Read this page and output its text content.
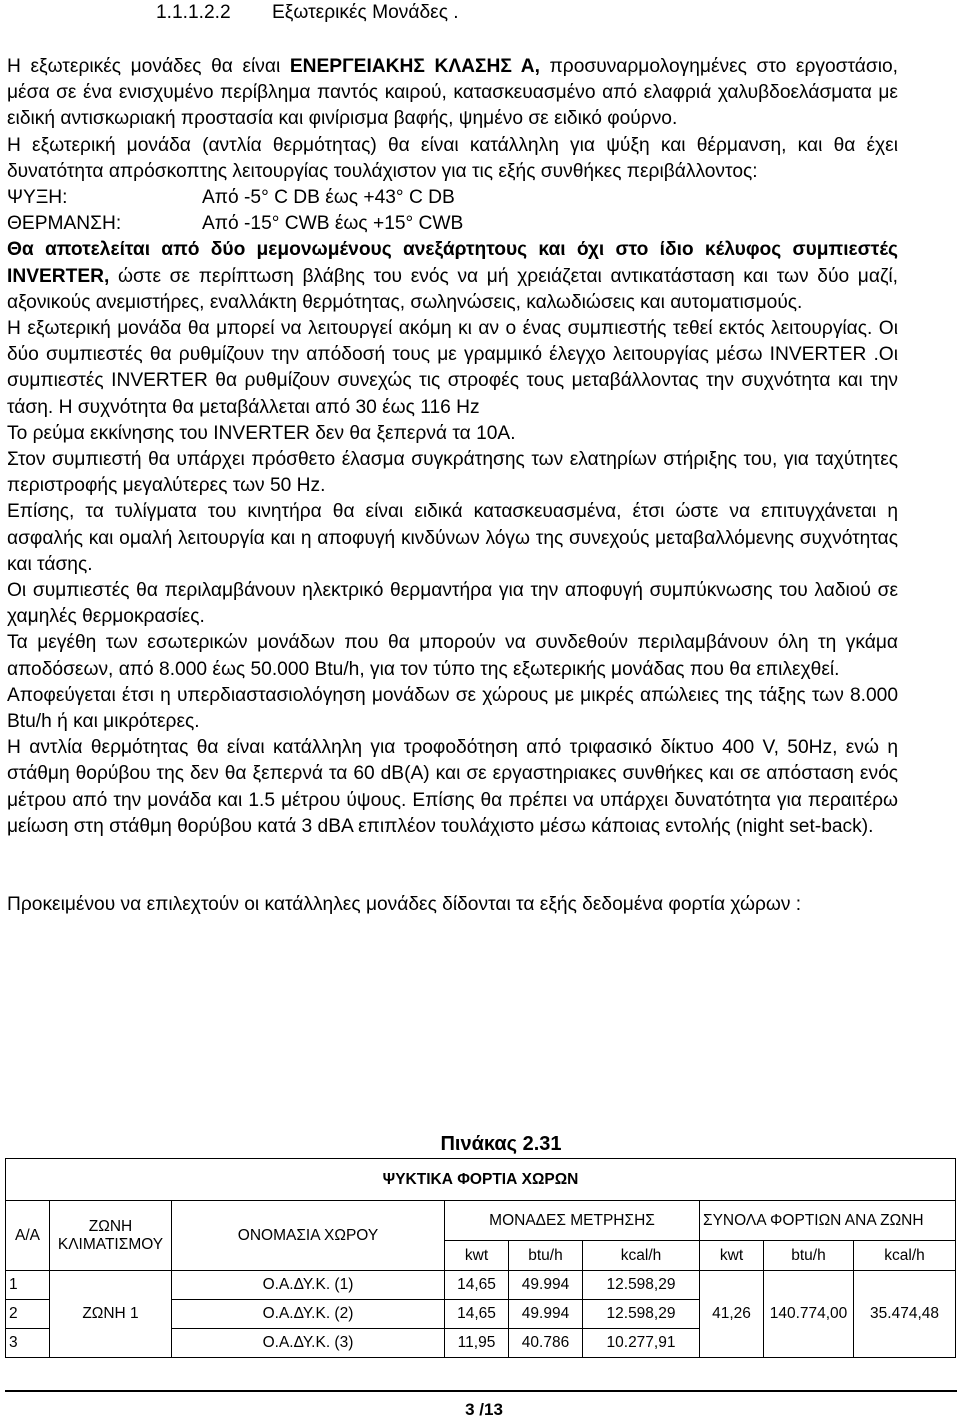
1.1.1.2.2 Εξωτερικές Μονάδες .

Η εξωτερικές μονάδες θα είναι ΕΝΕΡΓΕΙΑΚΗΣ ΚΛΑΣΗΣ Α, προσυναρμολογημένες στο εργοστάσιο, μέσα σε ένα ενισχυμένο περίβλημα παντός καιρού, κατασκευασμένο από ελαφριά χαλυβδοελάσματα με ειδική αντισκωριακή προστασία και φινίρισμα βαφής, ψημένο σε ειδικό φούρνο.

Η εξωτερική μονάδα (αντλία θερμότητας) θα είναι κατάλληλη για ψύξη και θέρμανση, και θα έχει δυνατότητα απρόσκοπτης λειτουργίας τουλάχιστον για τις εξής συνθήκες περιβάλλοντος:

ΨΥΞΗ:	Από -5° C DB έως +43° C DB
ΘΕΡΜΑΝΣΗ:	Από -15° CWB έως +15° CWB

Θα αποτελείται από δύο μεμονωμένους ανεξάρτητους και όχι στο ίδιο κέλυφος συμπιεστές INVERTER, ώστε σε περίπτωση βλάβης του ενός να μή χρειάζεται αντικατάσταση και των δύο μαζί, αξονικούς ανεμιστήρες, εναλλάκτη θερμότητας, σωληνώσεις, καλωδιώσεις και αυτοματισμούς.

Η εξωτερική μονάδα θα μπορεί να λειτουργεί ακόμη κι αν ο ένας συμπιεστής τεθεί εκτός λειτουργίας. Οι δύο συμπιεστές θα ρυθμίζουν την απόδοσή τους με γραμμικό έλεγχο λειτουργίας μέσω INVERTER .Οι συμπιεστές INVERTER θα ρυθμίζουν συνεχώς τις στροφές τους μεταβάλλοντας την συχνότητα και την τάση. Η συχνότητα θα μεταβάλλεται από 30 έως 116 Hz

Το ρεύμα εκκίνησης του INVERTER δεν θα ξεπερνά τα 10A.

Στον συμπιεστή θα υπάρχει πρόσθετο έλασμα συγκράτησης των ελατηρίων στήριξης του, για ταχύτητες περιστροφής μεγαλύτερες των 50 Hz.

Επίσης, τα τυλίγματα του κινητήρα θα είναι ειδικά κατασκευασμένα, έτσι ώστε να επιτυγχάνεται η ασφαλής και ομαλή λειτουργία και η αποφυγή κινδύνων λόγω της συνεχούς μεταβαλλόμενης συχνότητας και τάσης.

Οι συμπιεστές θα περιλαμβάνουν ηλεκτρικό θερμαντήρα για την αποφυγή συμπύκνωσης του λαδιού σε χαμηλές θερμοκρασίες.

Τα μεγέθη των εσωτερικών μονάδων που θα μπορούν να συνδεθούν περιλαμβάνουν όλη τη γκάμα αποδόσεων, από 8.000 έως 50.000 Btu/h, για τον τύπο της εξωτερικής μονάδας που θα επιλεχθεί.

Αποφεύγεται έτσι η υπερδιαστασιολόγηση μονάδων σε χώρους με μικρές απώλειες της τάξης των 8.000 Btu/h ή και μικρότερες.

Η αντλία θερμότητας θα είναι κατάλληλη για τροφοδότηση από τριφασικό δίκτυο 400 V, 50Hz, ενώ η στάθμη θορύβου της δεν θα ξεπερνά τα 60 dB(A) και σε εργαστηριακες συνθήκες και σε απόσταση ενός μέτρου από την μονάδα και 1.5 μέτρου ύψους. Επίσης θα πρέπει να υπάρχει δυνατότητα για περαιτέρω μείωση στη στάθμη θορύβου κατά 3 dBA επιπλέον τουλάχιστο μέσω κάποιας εντολής (night set-back).

Προκειμένου να επιλεχτούν οι κατάλληλες μονάδες δίδονται τα εξής δεδομένα φορτία χώρων :

Πινάκας 2.31
ΨΥΚΤΙΚΑ ΦΟΡΤΙΑ ΧΩΡΩΝ								
Α/Α	ΖΩΝΗ ΚΛΙΜΑΤΙΣΜΟΥ	ΟΝΟΜΑΣΙΑ ΧΩΡΟΥ	ΜΟΝΑΔΕΣ ΜΕΤΡΗΣΗΣ			ΣΥΝΟΛΑ ΦΟΡΤΙΩΝ ΑΝΑ ΖΩΝΗ		
			kwt	btu/h	kcal/h	kwt	btu/h	kcal/h
1	ΖΩΝΗ 1	Ο.Α.ΔΥ.Κ. (1)	14,65	49.994	12.598,29	41,26	140.774,00	35.474,48
2		Ο.Α.ΔΥ.Κ. (2)	14,65	49.994	12.598,29			
3		Ο.Α.ΔΥ.Κ. (3)	11,95	40.786	10.277,91			
3 /13
